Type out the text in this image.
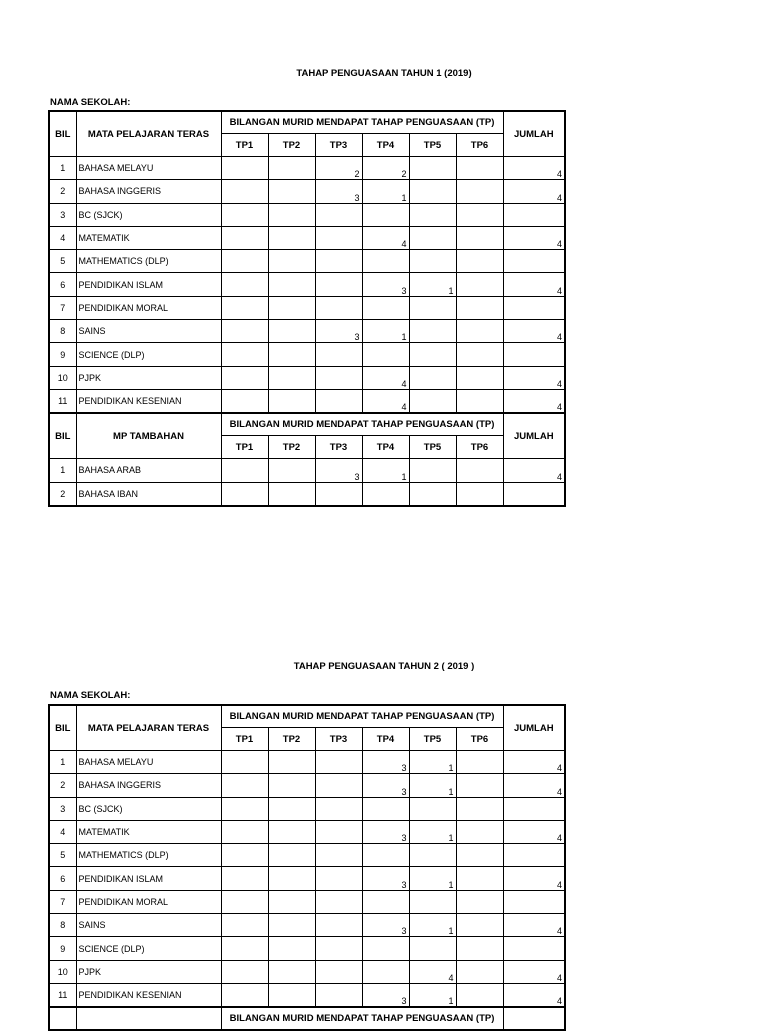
TAHAP PENGUASAAN TAHUN 1 (2019)
NAMA SEKOLAH:
BIL	MATA PELAJARAN TERAS	BILANGAN MURID MENDAPAT TAHAP PENGUASAAN (TP)						JUMLAH
		TP1	TP2	TP3	TP4	TP5	TP6	
1	BAHASA MELAYU			2	2			4
2	BAHASA INGGERIS			3	1			4
3	BC (SJCK)							
4	MATEMATIK				4			4
5	MATHEMATICS (DLP)							
6	PENDIDIKAN ISLAM				3	1		4
7	PENDIDIKAN MORAL							
8	SAINS			3	1			4
9	SCIENCE (DLP)							
10	PJPK				4			4
11	PENDIDIKAN KESENIAN				4			4
BIL	MP TAMBAHAN	BILANGAN MURID MENDAPAT TAHAP PENGUASAAN (TP)						JUMLAH
		TP1	TP2	TP3	TP4	TP5	TP6	
1	BAHASA ARAB			3	1			4
2	BAHASA IBAN							
TAHAP PENGUASAAN TAHUN 2 ( 2019 )
NAMA SEKOLAH:
BIL	MATA PELAJARAN TERAS	BILANGAN MURID MENDAPAT TAHAP PENGUASAAN (TP)						JUMLAH
		TP1	TP2	TP3	TP4	TP5	TP6	
1	BAHASA MELAYU				3	1		4
2	BAHASA INGGERIS				3	1		4
3	BC (SJCK)							
4	MATEMATIK				3	1		4
5	MATHEMATICS (DLP)							
6	PENDIDIKAN ISLAM				3	1		4
7	PENDIDIKAN MORAL							
8	SAINS				3	1		4
9	SCIENCE (DLP)							
10	PJPK					4		4
11	PENDIDIKAN KESENIAN				3	1		4
		BILANGAN MURID MENDAPAT TAHAP PENGUASAAN (TP)						
